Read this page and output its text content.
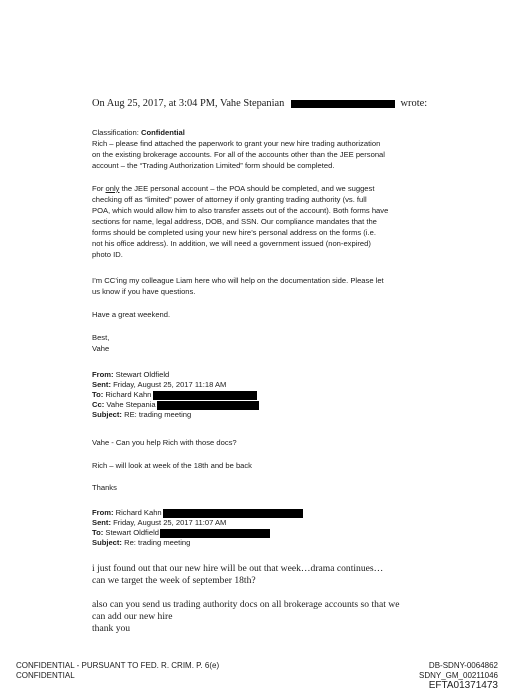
On Aug 25, 2017, at 3:04 PM, Vahe Stepanian	wrote:
Classification: Confidential
Rich – please find attached the paperwork to grant your new hire trading authorization
on the existing brokerage accounts. For all of the accounts other than the JEE personal
account – the “Trading Authorization Limited” form should be completed.
For only the JEE personal account – the POA should be completed, and we suggest
checking off as “limited” power of attorney if only granting trading authority (vs. full
POA, which would allow him to also transfer assets out of the account). Both forms have
sections for name, legal address, DOB, and SSN. Our compliance mandates that the
forms should be completed using your new hire’s personal address on the forms (i.e.
not his office address). In addition, we will need a government issued (non-expired)
photo ID.
I’m CC’ing my colleague Liam here who will help on the documentation side. Please let
us know if you have questions.
Have a great weekend.
Best,
Vahe
From: Stewart Oldfield
Sent: Friday, August 25, 2017 11:18 AM
To: Richard Kahn
Cc: Vahe Stepania
Subject: RE: trading meeting
Vahe - Can you help Rich with those docs?
Rich – will look at week of the 18th and be back
Thanks
From: Richard Kahn
Sent: Friday, August 25, 2017 11:07 AM
To: Stewart Oldfield
Subject: Re: trading meeting
i just found out that our new hire will be out that week…drama continues…
can we target the week of september 18th?
also can you send us trading authority docs on all brokerage accounts so that we
can add our new hire
thank you
CONFIDENTIAL - PURSUANT TO FED. R. CRIM. P. 6(e)
CONFIDENTIAL
DB-SDNY-0064862
SDNY_GM_00211046
EFTA01371473
